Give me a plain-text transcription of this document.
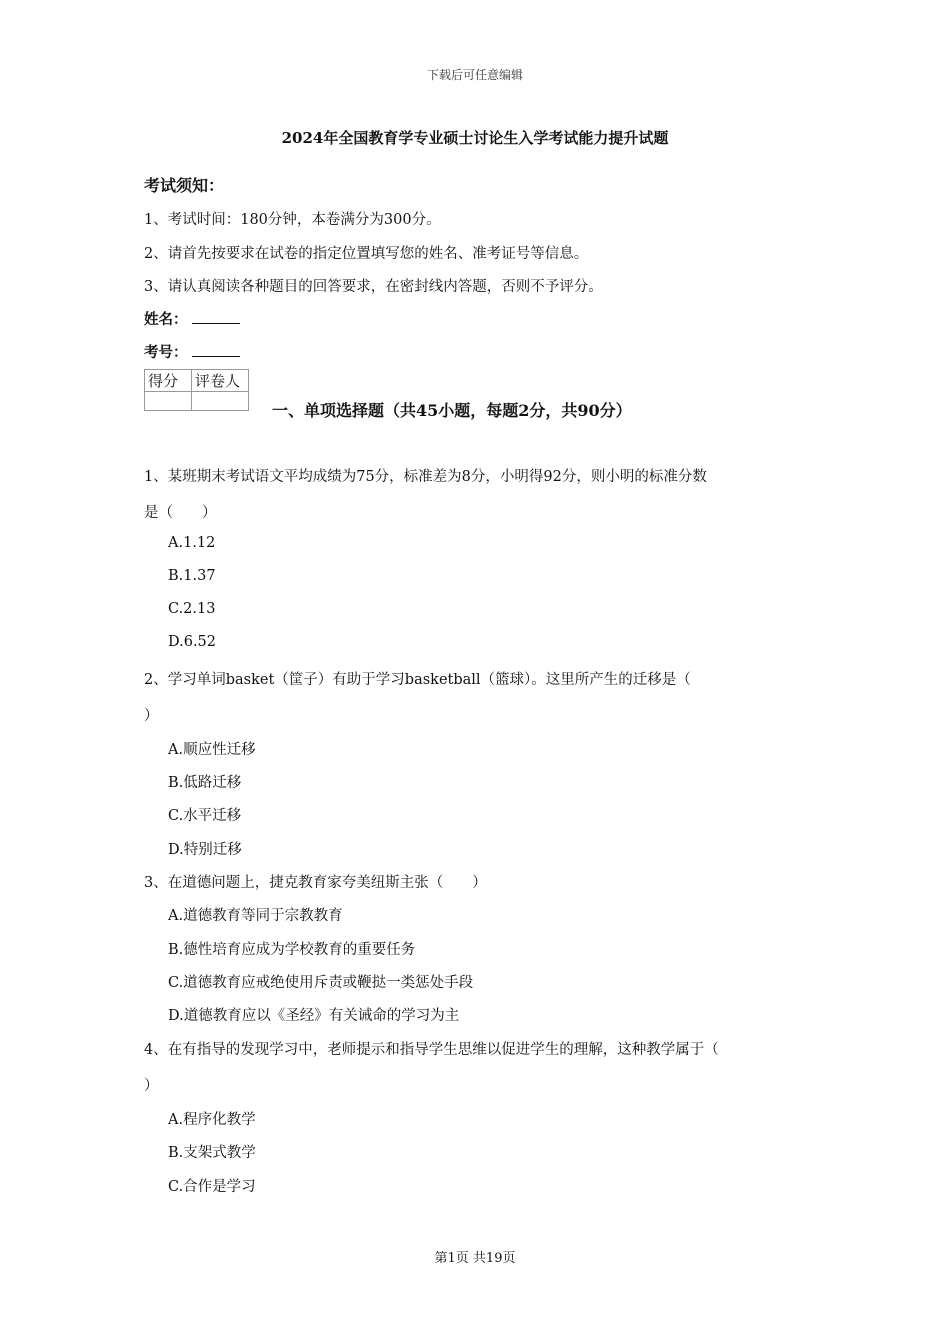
下载后可任意编辑
2024年全国教育学专业硕士讨论生入学考试能力提升试题
考试须知：
1、考试时间：180分钟，本卷满分为300分。
2、请首先按要求在试卷的指定位置填写您的姓名、准考证号等信息。
3、请认真阅读各种题目的回答要求，在密封线内答题，否则不予评分。
姓名：
考号：
得分	评卷人

一、单项选择题（共45小题，每题2分，共90分）
1、某班期末考试语文平均成绩为75分，标准差为8分，小明得92分，则小明的标准分数
是（　　）
A.1.12
B.1.37
C.2.13
D.6.52
2、学习单词basket（筐子）有助于学习basketball（篮球）。这里所产生的迁移是（
）
A.顺应性迁移
B.低路迁移
C.水平迁移
D.特别迁移
3、在道德问题上，捷克教育家夸美纽斯主张（　　）
A.道德教育等同于宗教教育
B.德性培育应成为学校教育的重要任务
C.道德教育应戒绝使用斥责或鞭挞一类惩处手段
D.道德教育应以《圣经》有关诫命的学习为主
4、在有指导的发现学习中，老师提示和指导学生思维以促进学生的理解，这种教学属于（
）
A.程序化教学
B.支架式教学
C.合作是学习
第1页 共19页
